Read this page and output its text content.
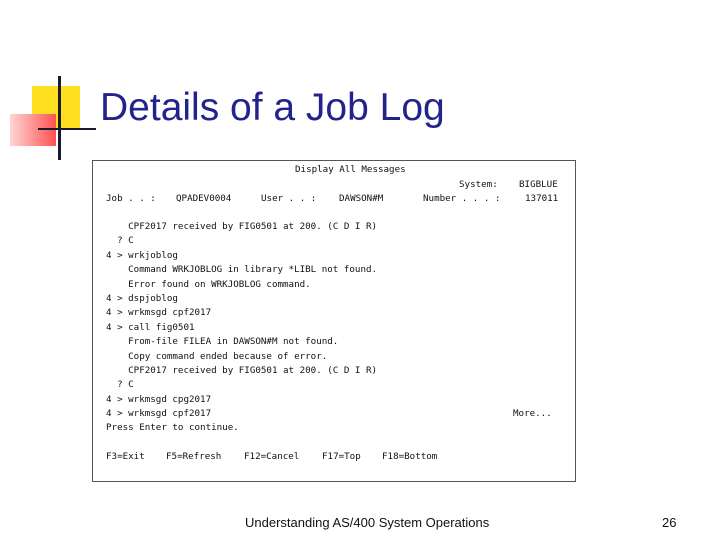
Details of a Job Log
Display All Messages
System: BIGBLUE
Job . . : QPADEV0004	User . . : DAWSON#M	Number . . . :	137011
CPF2017 received by FIG0501 at 200. (C D I R)
? C
4 > wrkjoblog
Command WRKJOBLOG in library *LIBL not found.
Error found on WRKJOBLOG command.
4 > dspjoblog
4 > wrkmsgd cpf2017
4 > call fig0501
From-file FILEA in DAWSON#M not found.
Copy command ended because of error.
CPF2017 received by FIG0501 at 200. (C D I R)
? C
4 > wrkmsgd cpg2017
4 > wrkmsgd cpf2017	More...
Press Enter to continue.
F3=Exit F5=Refresh F12=Cancel F17=Top F18=Bottom
Understanding AS/400 System Operations	26
